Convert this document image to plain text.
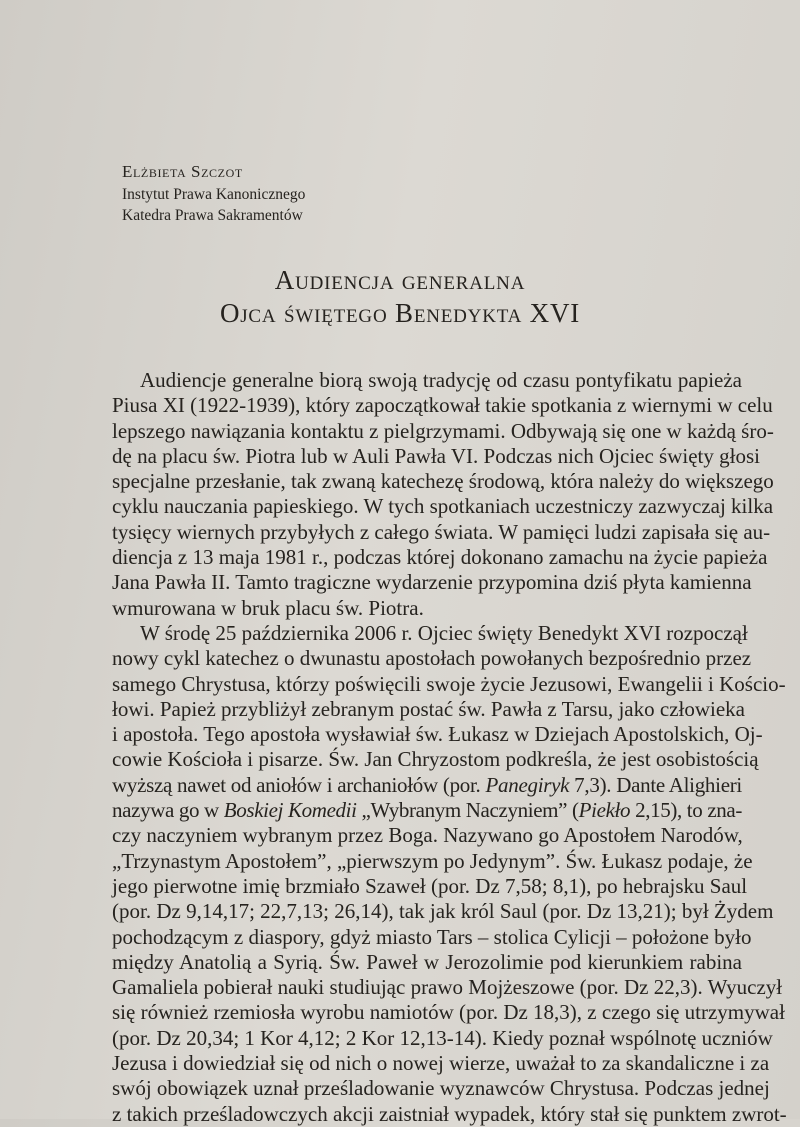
Elżbieta Szczot

Instytut Prawa Kanonicznego

Katedra Prawa Sakramentów

Audiencja generalna

Ojca świętego Benedykta XVI

Audiencje generalne biorą swoją tradycję od czasu pontyfikatu papieża
Piusa XI (1922-1939), który zapoczątkował takie spotkania z wiernymi w celu
lepszego nawiązania kontaktu z pielgrzymami. Odbywają się one w każdą śro-
dę na placu św. Piotra lub w Auli Pawła VI. Podczas nich Ojciec święty głosi
specjalne przesłanie, tak zwaną katechezę środową, która należy do większego
cyklu nauczania papieskiego. W tych spotkaniach uczestniczy zazwyczaj kilka
tysięcy wiernych przybyłych z całego świata. W pamięci ludzi zapisała się au-
diencja z 13 maja 1981 r., podczas której dokonano zamachu na życie papieża
Jana Pawła II. Tamto tragiczne wydarzenie przypomina dziś płyta kamienna
wmurowana w bruk placu św. Piotra.
W środę 25 października 2006 r. Ojciec święty Benedykt XVI rozpoczął
nowy cykl katechez o dwunastu apostołach powołanych bezpośrednio przez
samego Chrystusa, którzy poświęcili swoje życie Jezusowi, Ewangelii i Kościo-
łowi. Papież przybliżył zebranym postać św. Pawła z Tarsu, jako człowieka
i apostoła. Tego apostoła wysławiał św. Łukasz w Dziejach Apostolskich, Oj-
cowie Kościoła i pisarze. Św. Jan Chryzostom podkreśla, że jest osobistością
wyższą nawet od aniołów i archaniołów (por. Panegiryk 7,3). Dante Alighieri
nazywa go w Boskiej Komedii „Wybranym Naczyniem” (Piekło 2,15), to zna-
czy naczyniem wybranym przez Boga. Nazywano go Apostołem Narodów,
„Trzynastym Apostołem”, „pierwszym po Jedynym”. Św. Łukasz podaje, że
jego pierwotne imię brzmiało Szaweł (por. Dz 7,58; 8,1), po hebrajsku Saul
(por. Dz 9,14,17; 22,7,13; 26,14), tak jak król Saul (por. Dz 13,21); był Żydem
pochodzącym z diaspory, gdyż miasto Tars – stolica Cylicji – położone było
między Anatolią a Syrią. Św. Paweł w Jerozolimie pod kierunkiem rabina
Gamaliela pobierał nauki studiując prawo Mojżeszowe (por. Dz 22,3). Wyuczył
się również rzemiosła wyrobu namiotów (por. Dz 18,3), z czego się utrzymywał
(por. Dz 20,34; 1 Kor 4,12; 2 Kor 12,13-14). Kiedy poznał wspólnotę uczniów
Jezusa i dowiedział się od nich o nowej wierze, uważał to za skandaliczne i za
swój obowiązek uznał prześladowanie wyznawców Chrystusa. Podczas jednej
z takich prześladowczych akcji zaistniał wypadek, który stał się punktem zwrot-
